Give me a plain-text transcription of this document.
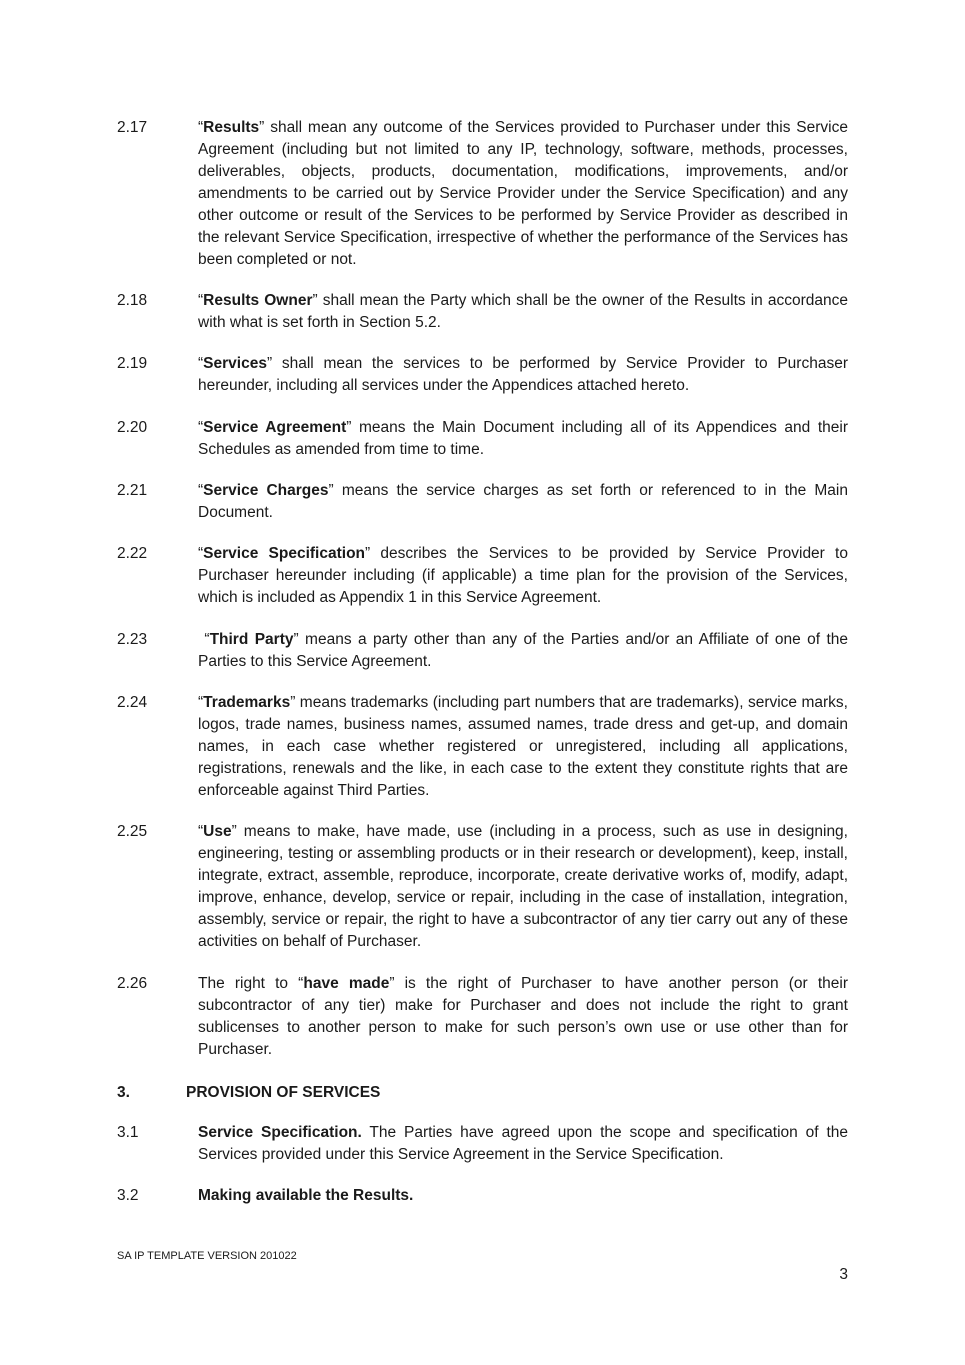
2.17	“Results” shall mean any outcome of the Services provided to Purchaser under this Service Agreement (including but not limited to any IP, technology, software, methods, processes, deliverables, objects, products, documentation, modifications, improvements, and/or amendments to be carried out by Service Provider under the Service Specification) and any other outcome or result of the Services to be performed by Service Provider as described in the relevant Service Specification, irrespective of whether the performance of the Services has been completed or not.
2.18	“Results Owner” shall mean the Party which shall be the owner of the Results in accordance with what is set forth in Section 5.2.
2.19	“Services” shall mean the services to be performed by Service Provider to Purchaser hereunder, including all services under the Appendices attached hereto.
2.20	“Service Agreement” means the Main Document including all of its Appendices and their Schedules as amended from time to time.
2.21	“Service Charges” means the service charges as set forth or referenced to in the Main Document.
2.22	“Service Specification” describes the Services to be provided by Service Provider to Purchaser hereunder including (if applicable) a time plan for the provision of the Services, which is included as Appendix 1 in this Service Agreement.
2.23	“Third Party” means a party other than any of the Parties and/or an Affiliate of one of the Parties to this Service Agreement.
2.24	“Trademarks” means trademarks (including part numbers that are trademarks), service marks, logos, trade names, business names, assumed names, trade dress and get-up, and domain names, in each case whether registered or unregistered, including all applications, registrations, renewals and the like, in each case to the extent they constitute rights that are enforceable against Third Parties.
2.25	“Use” means to make, have made, use (including in a process, such as use in designing, engineering, testing or assembling products or in their research or development), keep, install, integrate, extract, assemble, reproduce, incorporate, create derivative works of, modify, adapt, improve, enhance, develop, service or repair, including in the case of installation, integration, assembly, service or repair, the right to have a subcontractor of any tier carry out any of these activities on behalf of Purchaser.
2.26	The right to “have made” is the right of Purchaser to have another person (or their subcontractor of any tier) make for Purchaser and does not include the right to grant sublicenses to another person to make for such person’s own use or use other than for Purchaser.
3.	PROVISION OF SERVICES
3.1	Service Specification. The Parties have agreed upon the scope and specification of the Services provided under this Service Agreement in the Service Specification.
3.2	Making available the Results.
SA IP TEMPLATE VERSION 201022
3
